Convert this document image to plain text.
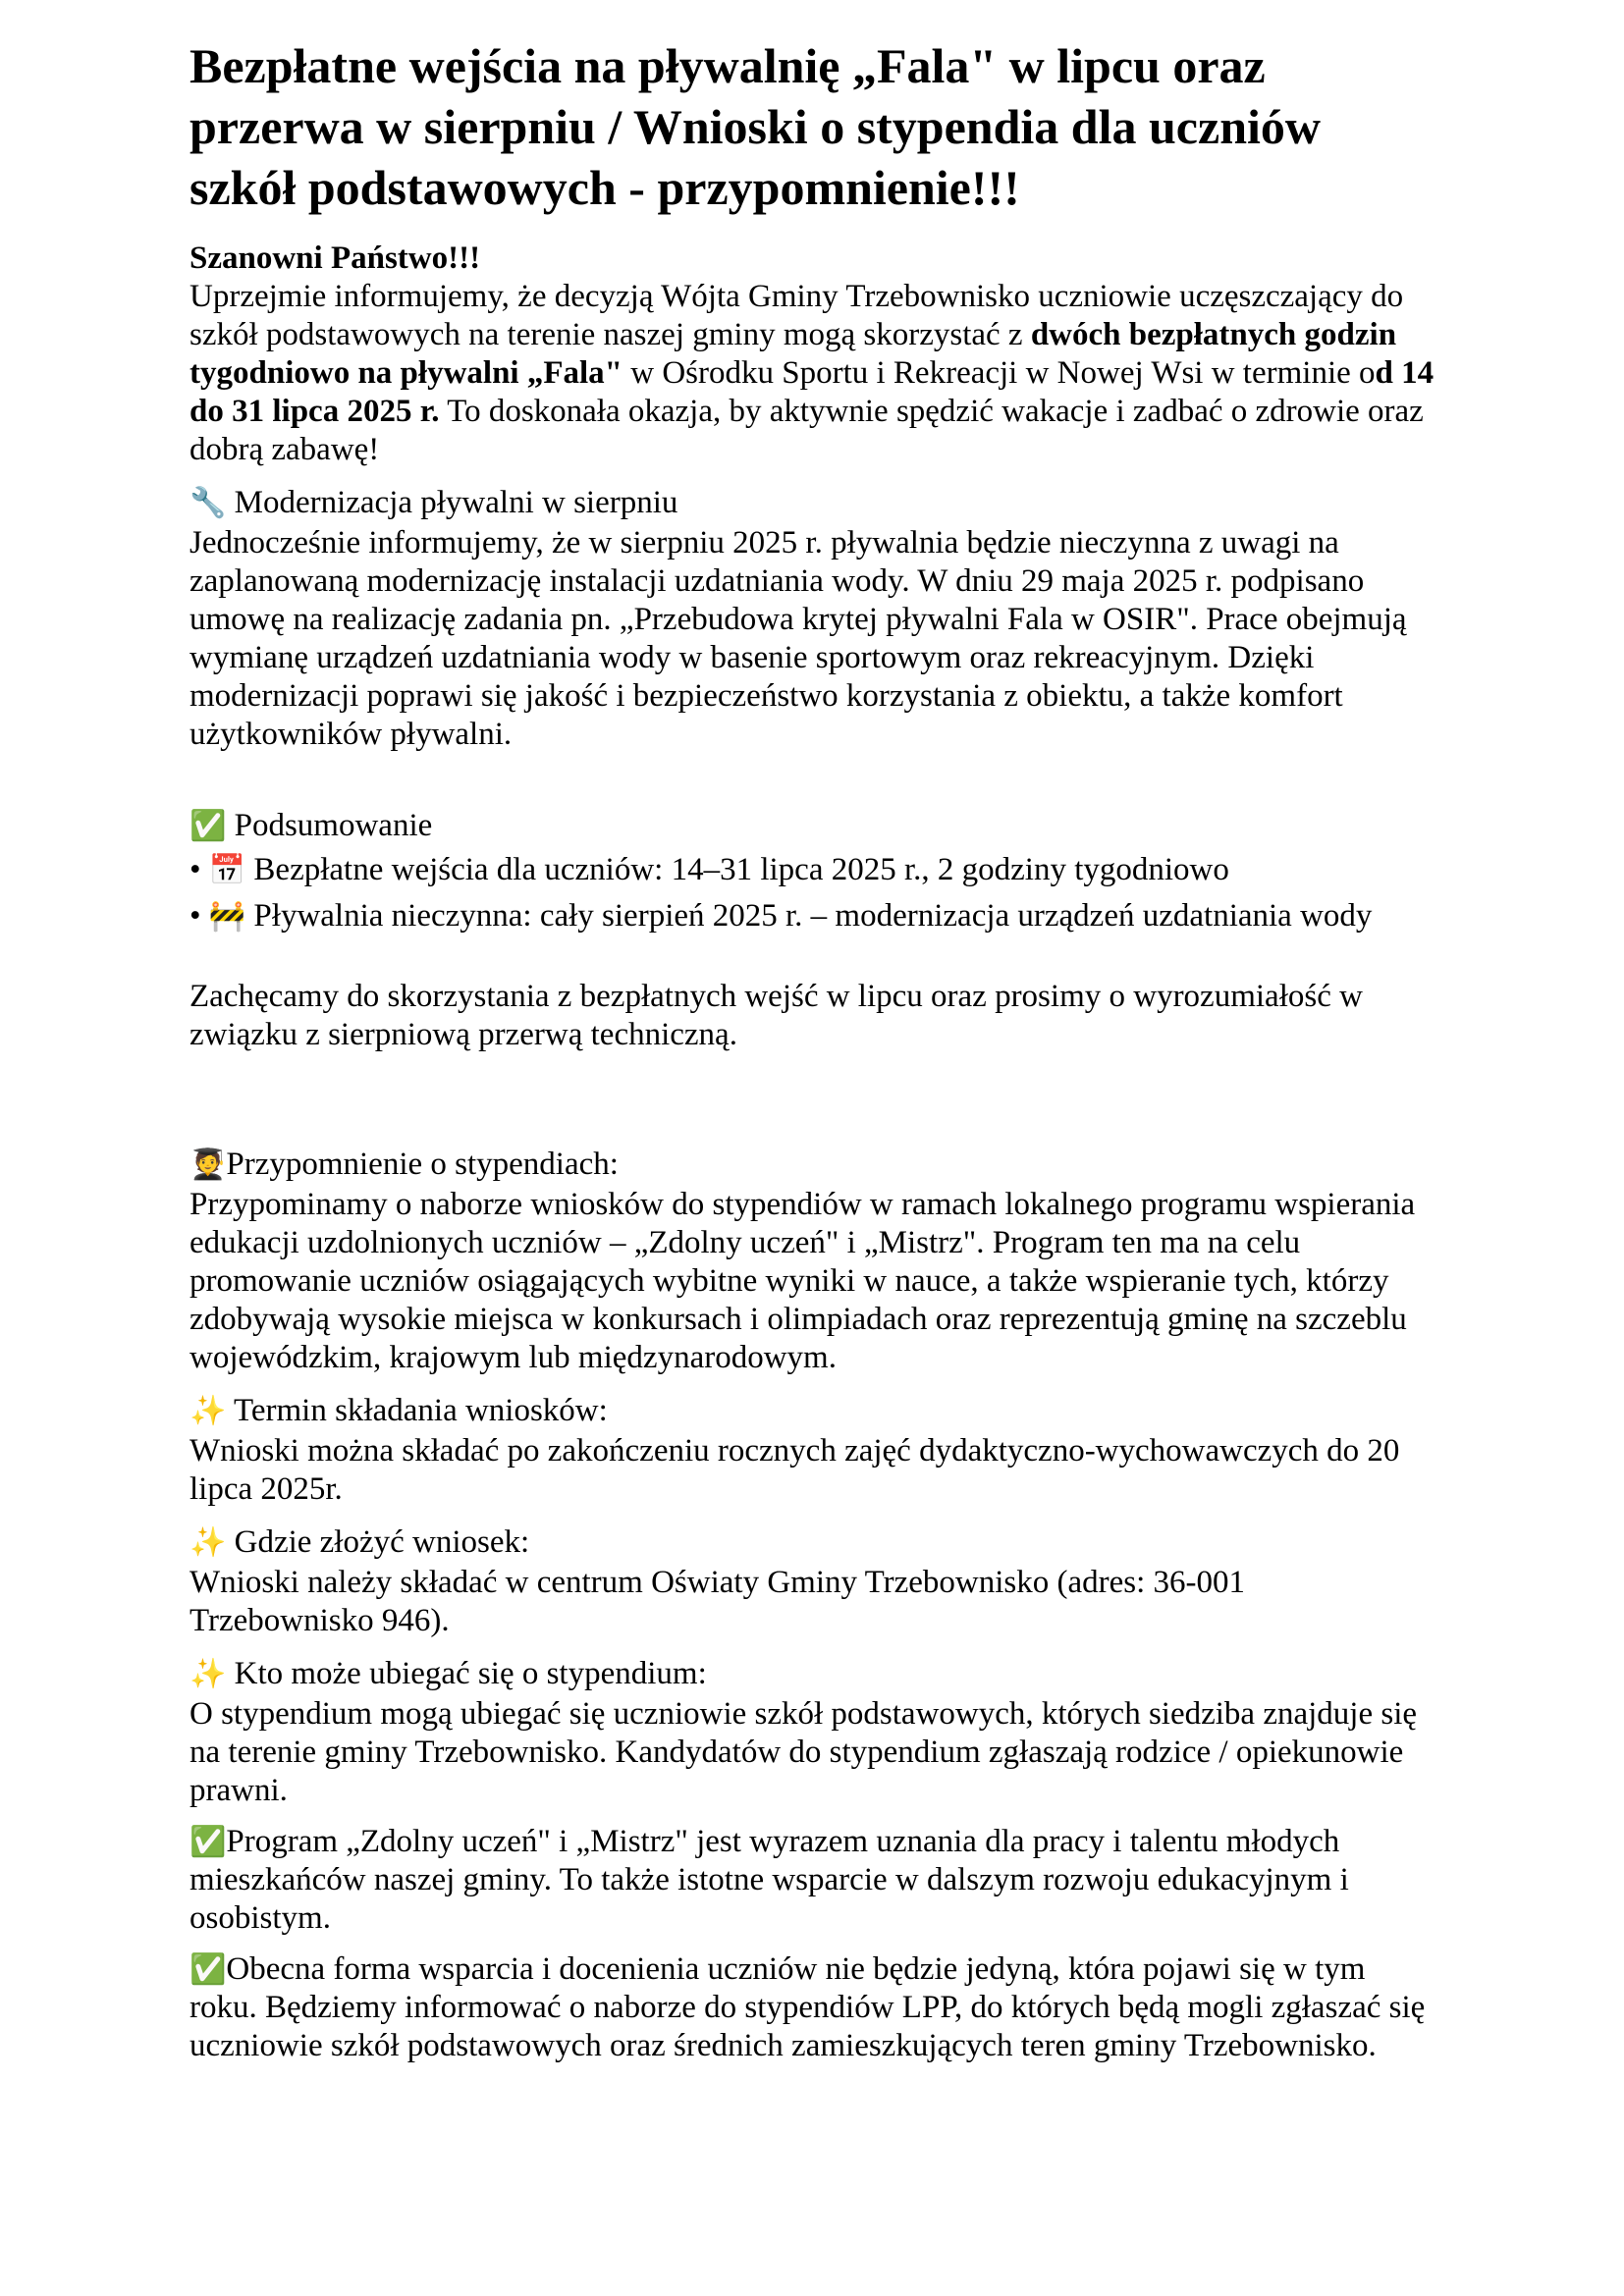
Bezpłatne wejścia na pływalnię „Fala" w lipcu oraz przerwa w sierpniu / Wnioski o stypendia dla uczniów szkół podstawowych - przypomnienie!!!

Szanowni Państwo!!!

Uprzejmie informujemy, że decyzją Wójta Gminy Trzebownisko uczniowie uczęszczający do szkół podstawowych na terenie naszej gminy mogą skorzystać z dwóch bezpłatnych godzin tygodniowo na pływalni „Fala" w Ośrodku Sportu i Rekreacji w Nowej Wsi w terminie od 14 do 31 lipca 2025 r. To doskonała okazja, by aktywnie spędzić wakacje i zadbać o zdrowie oraz dobrą zabawę!

🔧 Modernizacja pływalni w sierpniu

Jednocześnie informujemy, że w sierpniu 2025 r. pływalnia będzie nieczynna z uwagi na zaplanowaną modernizację instalacji uzdatniania wody. W dniu 29 maja 2025 r. podpisano umowę na realizację zadania pn. „Przebudowa krytej pływalni Fala w OSIR". Prace obejmują wymianę urządzeń uzdatniania wody w basenie sportowym oraz rekreacyjnym. Dzięki modernizacji poprawi się jakość i bezpieczeństwo korzystania z obiektu, a także komfort użytkowników pływalni.

✅ Podsumowanie

• 📅 Bezpłatne wejścia dla uczniów: 14–31 lipca 2025 r., 2 godziny tygodniowo

• 🚧 Pływalnia nieczynna: cały sierpień 2025 r. – modernizacja urządzeń uzdatniania wody

Zachęcamy do skorzystania z bezpłatnych wejść w lipcu oraz prosimy o wyrozumiałość w związku z sierpniową przerwą techniczną.

🧑‍🎓Przypomnienie o stypendiach:

Przypominamy o naborze wniosków do stypendiów w ramach lokalnego programu wspierania edukacji uzdolnionych uczniów – „Zdolny uczeń" i „Mistrz". Program ten ma na celu promowanie uczniów osiągających wybitne wyniki w nauce, a także wspieranie tych, którzy zdobywają wysokie miejsca w konkursach i olimpiadach oraz reprezentują gminę na szczeblu wojewódzkim, krajowym lub międzynarodowym.

✨ Termin składania wniosków:

Wnioski można składać po zakończeniu rocznych zajęć dydaktyczno-wychowawczych do 20 lipca 2025r.

✨ Gdzie złożyć wniosek:

Wnioski należy składać w centrum Oświaty Gminy Trzebownisko (adres: 36-001 Trzebownisko 946).

✨ Kto może ubiegać się o stypendium:

O stypendium mogą ubiegać się uczniowie szkół podstawowych, których siedziba znajduje się na terenie gminy Trzebownisko. Kandydatów do stypendium zgłaszają rodzice / opiekunowie prawni.

✅Program „Zdolny uczeń" i „Mistrz" jest wyrazem uznania dla pracy i talentu młodych mieszkańców naszej gminy. To także istotne wsparcie w dalszym rozwoju edukacyjnym i osobistym.

✅Obecna forma wsparcia i docenienia uczniów nie będzie jedyną, która pojawi się w tym roku. Będziemy informować o naborze do stypendiów LPP, do których będą mogli zgłaszać się uczniowie szkół podstawowych oraz średnich zamieszkujących teren gminy Trzebownisko.
